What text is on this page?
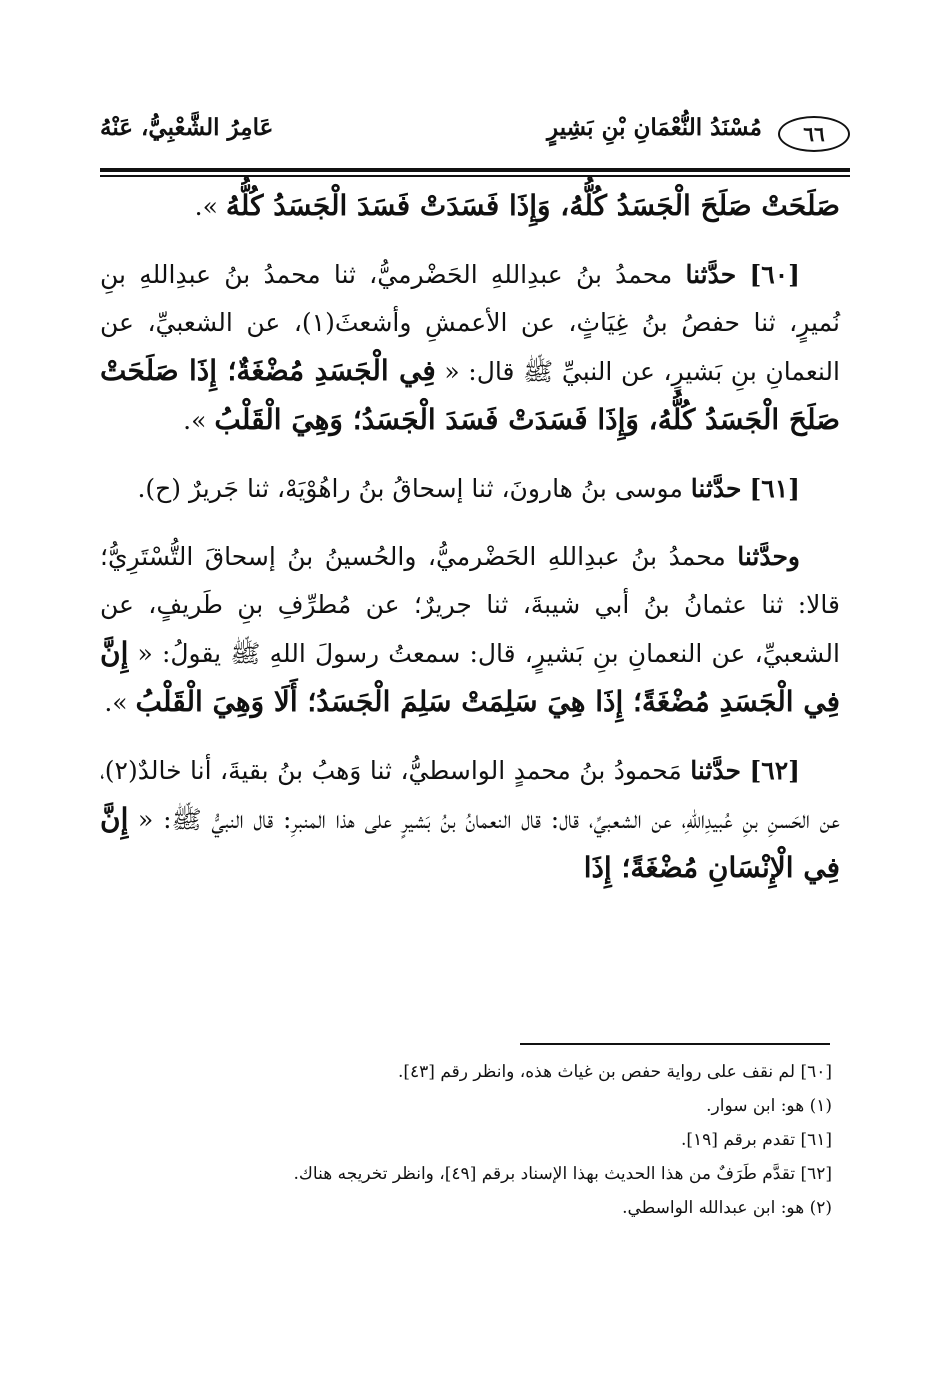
٦٦
مُسْنَدُ النُّعْمَانِ بْنِ بَشِيرٍ
عَامِرُ الشَّعْبِيُّ، عَنْهُ

صَلَحَتْ صَلَحَ الْجَسَدُ كُلُّهُ، وَإِذَا فَسَدَتْ فَسَدَ الْجَسَدُ كُلُّهُ ».

[٦٠] حدَّثنا محمدُ بنُ عبدِاللهِ الحَضْرميُّ، ثنا محمدُ بنُ عبدِاللهِ بنِ نُميرٍ، ثنا حفصُ بنُ غِيَاثٍ، عن الأعمشِ وأشعثَ(١)، عن الشعبيِّ، عن النعمانِ بنِ بَشيرٍ، عن النبيِّ ﷺ قال: « فِي الْجَسَدِ مُضْغَةٌ؛ إِذَا صَلَحَتْ صَلَحَ الْجَسَدُ كُلُّهُ، وَإِذَا فَسَدَتْ فَسَدَ الْجَسَدُ؛ وَهِيَ الْقَلْبُ ».

[٦١] حدَّثنا موسى بنُ هارونَ، ثنا إسحاقُ بنُ راهُوْيَهْ، ثنا جَريرٌ (ح).

وحدَّثنا محمدُ بنُ عبدِاللهِ الحَضْرميُّ، والحُسينُ بنُ إسحاقَ التُّسْتَرِيُّ؛ قالا: ثنا عثمانُ بنُ أبي شيبةَ، ثنا جريرٌ؛ عن مُطرِّفِ بنِ طَريفٍ، عن الشعبيِّ، عن النعمانِ بنِ بَشيرٍ، قال: سمعتُ رسولَ اللهِ ﷺ يقولُ: « إِنَّ فِي الْجَسَدِ مُضْغَةً؛ إِذَا هِيَ سَلِمَتْ سَلِمَ الْجَسَدُ؛ أَلَا وَهِيَ الْقَلْبُ ».

[٦٢] حدَّثنا مَحمودُ بنُ محمدٍ الواسطيُّ، ثنا وَهبُ بنُ بقيةَ، أنا خالدٌ(٢)، عن الحَسنِ بنِ عُبيدِاللهِ، عن الشعبيِّ، قال: قال النعمانُ بنُ بَشيرٍ على هذا المنبرِ: قال النبيُّ ﷺ: « إِنَّ فِي الْإِنْسَانِ مُضْغَةً؛ إِذَا

[٦٠] لم نقف على رواية حفص بن غياث هذه، وانظر رقم [٤٣].
(١) هو: ابن سوار.
[٦١] تقدم برقم [١٩].
[٦٢] تقدَّم طَرَفٌ من هذا الحديث بهذا الإسناد برقم [٤٩]، وانظر تخريجه هناك.
(٢) هو: ابن عبدالله الواسطي.
